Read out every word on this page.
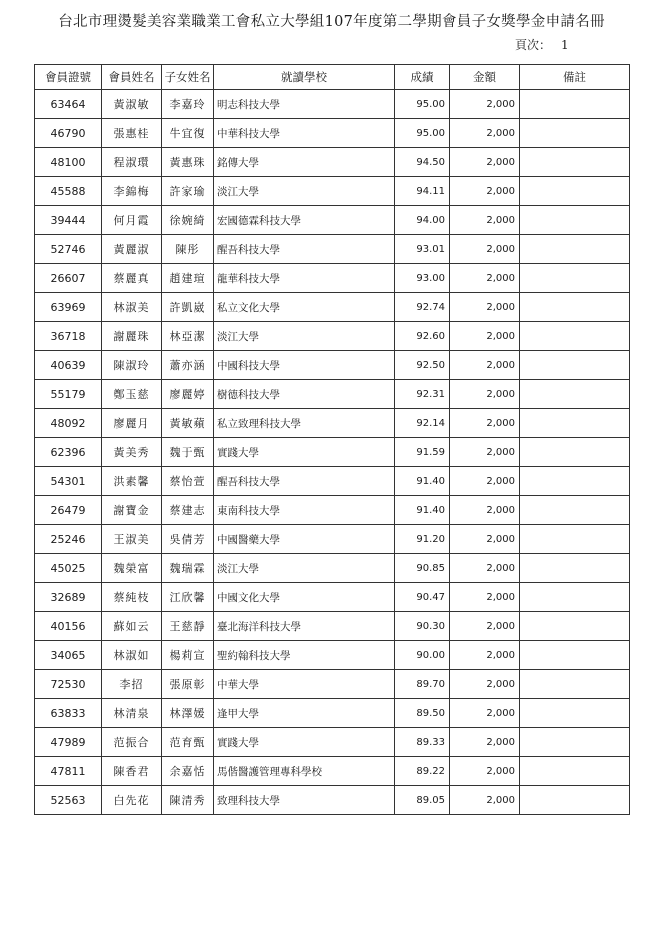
台北市理燙髮美容業職業工會私立大學組107年度第二學期會員子女獎學金申請名冊
頁次： 1
會員證號	會員姓名	子女姓名	就讀學校	成績	金額	備註
63464	黃淑敏	李嘉玲	明志科技大學	95.00	2,000	
46790	張惠桂	牛宜復	中華科技大學	95.00	2,000	
48100	程淑環	黃惠珠	銘傳大學	94.50	2,000	
45588	李錦梅	許家瑜	淡江大學	94.11	2,000	
39444	何月霞	徐婉綺	宏國德霖科技大學	94.00	2,000	
52746	黃麗淑	陳彤	醒吾科技大學	93.01	2,000	
26607	蔡麗真	趙建瑄	龍華科技大學	93.00	2,000	
63969	林淑美	許凱崴	私立文化大學	92.74	2,000	
36718	謝麗珠	林亞潔	淡江大學	92.60	2,000	
40639	陳淑玲	蕭亦涵	中國科技大學	92.50	2,000	
55179	鄭玉慈	廖麗婷	樹德科技大學	92.31	2,000	
48092	廖麗月	黃敏蘋	私立致理科技大學	92.14	2,000	
62396	黃美秀	魏于甄	實踐大學	91.59	2,000	
54301	洪素馨	蔡怡萱	醒吾科技大學	91.40	2,000	
26479	謝寶金	蔡建志	東南科技大學	91.40	2,000	
25246	王淑美	吳倩芳	中國醫藥大學	91.20	2,000	
45025	魏榮富	魏瑞霖	淡江大學	90.85	2,000	
32689	蔡純枝	江欣馨	中國文化大學	90.47	2,000	
40156	蘇如云	王慈靜	臺北海洋科技大學	90.30	2,000	
34065	林淑如	楊莉宣	聖約翰科技大學	90.00	2,000	
72530	李招	張原彰	中華大學	89.70	2,000	
63833	林清泉	林澤媛	逢甲大學	89.50	2,000	
47989	范振合	范育甄	實踐大學	89.33	2,000	
47811	陳香君	余嘉恬	馬偕醫護管理專科學校	89.22	2,000	
52563	白先花	陳清秀	致理科技大學	89.05	2,000	
